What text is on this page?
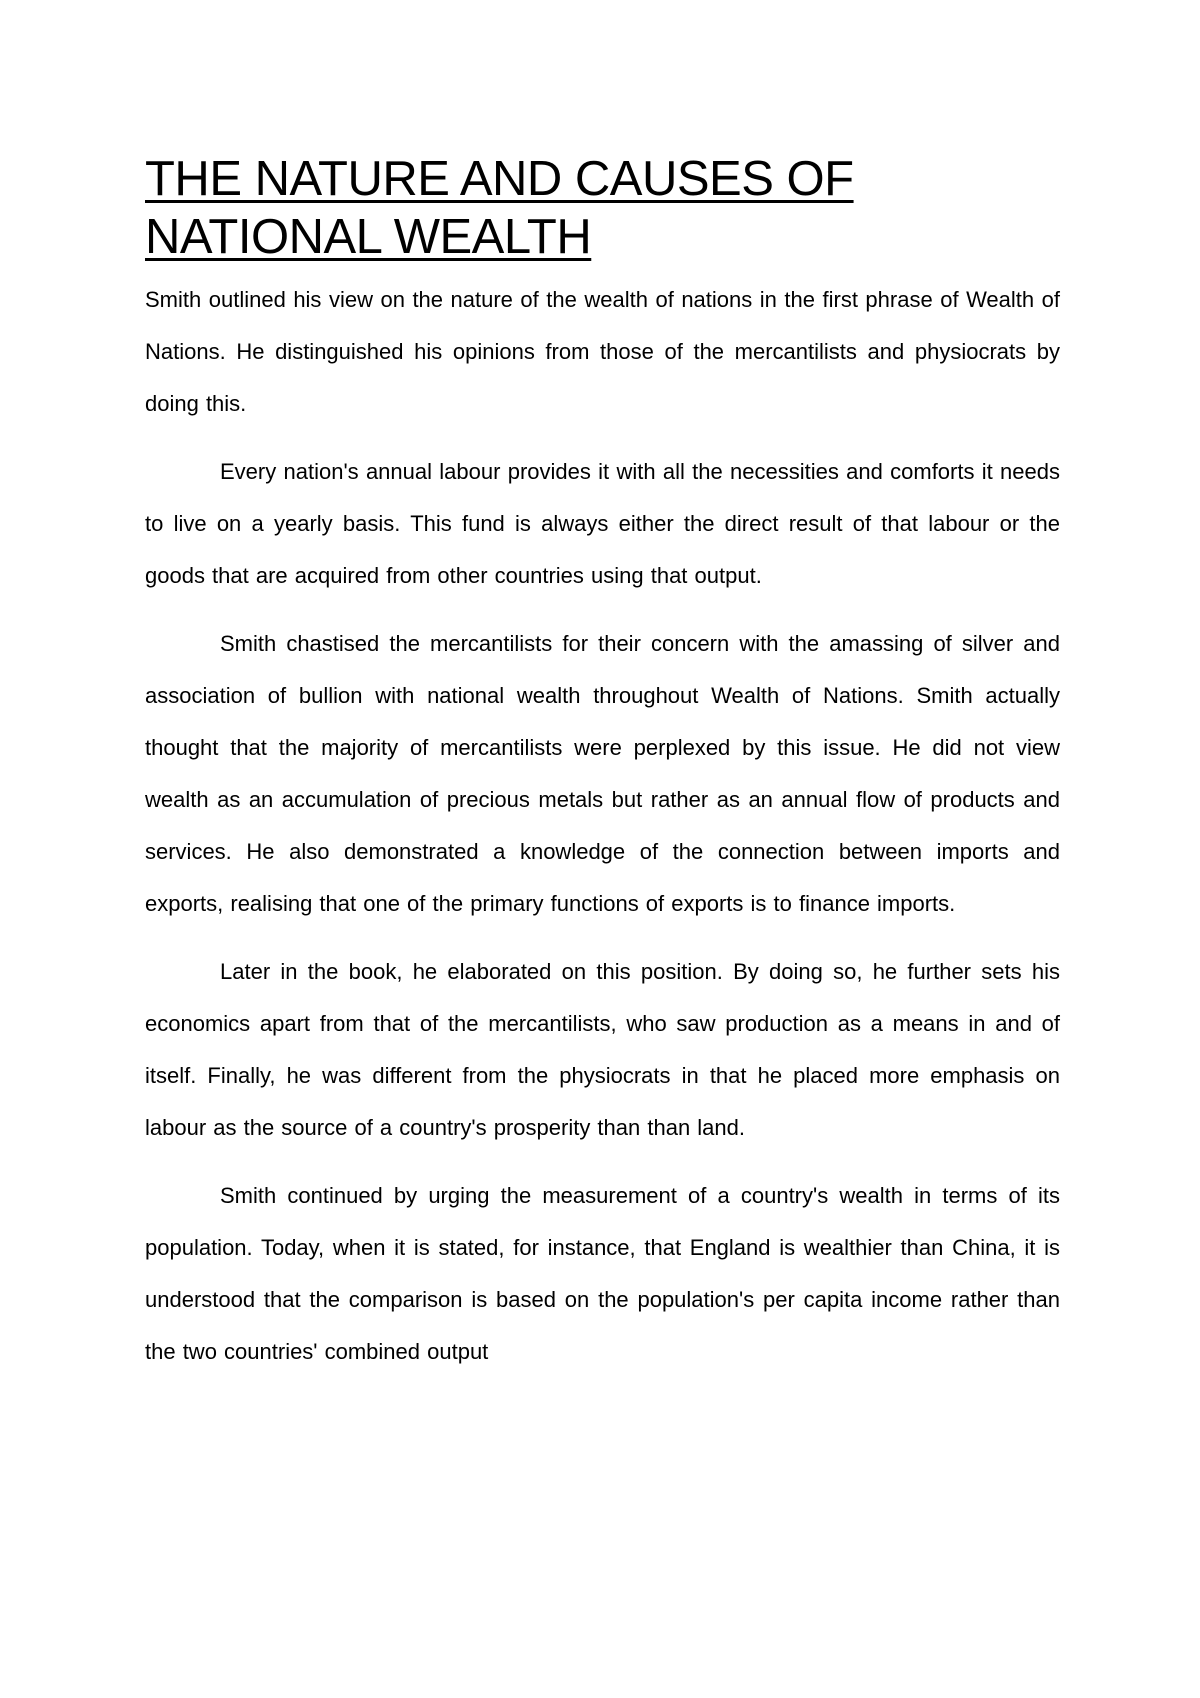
THE NATURE AND CAUSES OF NATIONAL WEALTH

Smith outlined his view on the nature of the wealth of nations in the first phrase of Wealth of Nations. He distinguished his opinions from those of the mercantilists and physiocrats by doing this.

Every nation's annual labour provides it with all the necessities and comforts it needs to live on a yearly basis. This fund is always either the direct result of that labour or the goods that are acquired from other countries using that output.

Smith chastised the mercantilists for their concern with the amassing of silver and association of bullion with national wealth throughout Wealth of Nations. Smith actually thought that the majority of mercantilists were perplexed by this issue. He did not view wealth as an accumulation of precious metals but rather as an annual flow of products and services. He also demonstrated a knowledge of the connection between imports and exports, realising that one of the primary functions of exports is to finance imports.

Later in the book, he elaborated on this position. By doing so, he further sets his economics apart from that of the mercantilists, who saw production as a means in and of itself. Finally, he was different from the physiocrats in that he placed more emphasis on labour as the source of a country's prosperity than than land.

Smith continued by urging the measurement of a country's wealth in terms of its population. Today, when it is stated, for instance, that England is wealthier than China, it is understood that the comparison is based on the population's per capita income rather than the two countries' combined output
